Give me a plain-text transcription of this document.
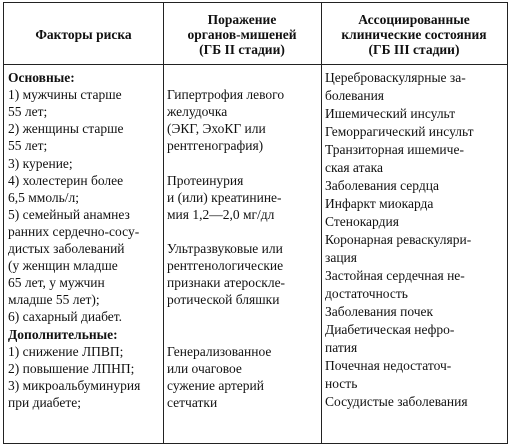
Факторы риска
Поражение
органов-мишеней
(ГБ II стадии)
Ассоциированные
клинические состояния
(ГБ III стадии)
Основные:
1) мужчины старше
55 лет;
2) женщины старше
55 лет;
3) курение;
4) холестерин более
6,5 ммоль/л;
5) семейный анамнез
ранних сердечно-сосу-
дистых заболеваний
(у женщин младше
65 лет, у мужчин
младше 55 лет);
6) сахарный диабет.
Дополнительные:
1) снижение ЛПВП;
2) повышение ЛПНП;
3) микроальбуминурия
при диабете;
Гипертрофия левого
желудочка
(ЭКГ, ЭхоКГ или
рентгенография)
Протеинурия
и (или) креатинине-
мия 1,2—2,0 мг/дл
Ультразвуковые или
рентгенологические
признаки атероскле-
ротической бляшки
Генерализованное
или очаговое
сужение артерий
сетчатки
Цереброваскулярные за-
болевания
Ишемический инсульт
Геморрагический инсульт
Транзиторная ишемиче-
ская атака
Заболевания сердца
Инфаркт миокарда
Стенокардия
Коронарная реваскуляри-
зация
Застойная сердечная не-
достаточность
Заболевания почек
Диабетическая нефро-
патия
Почечная недостаточ-
ность
Сосудистые заболевания
